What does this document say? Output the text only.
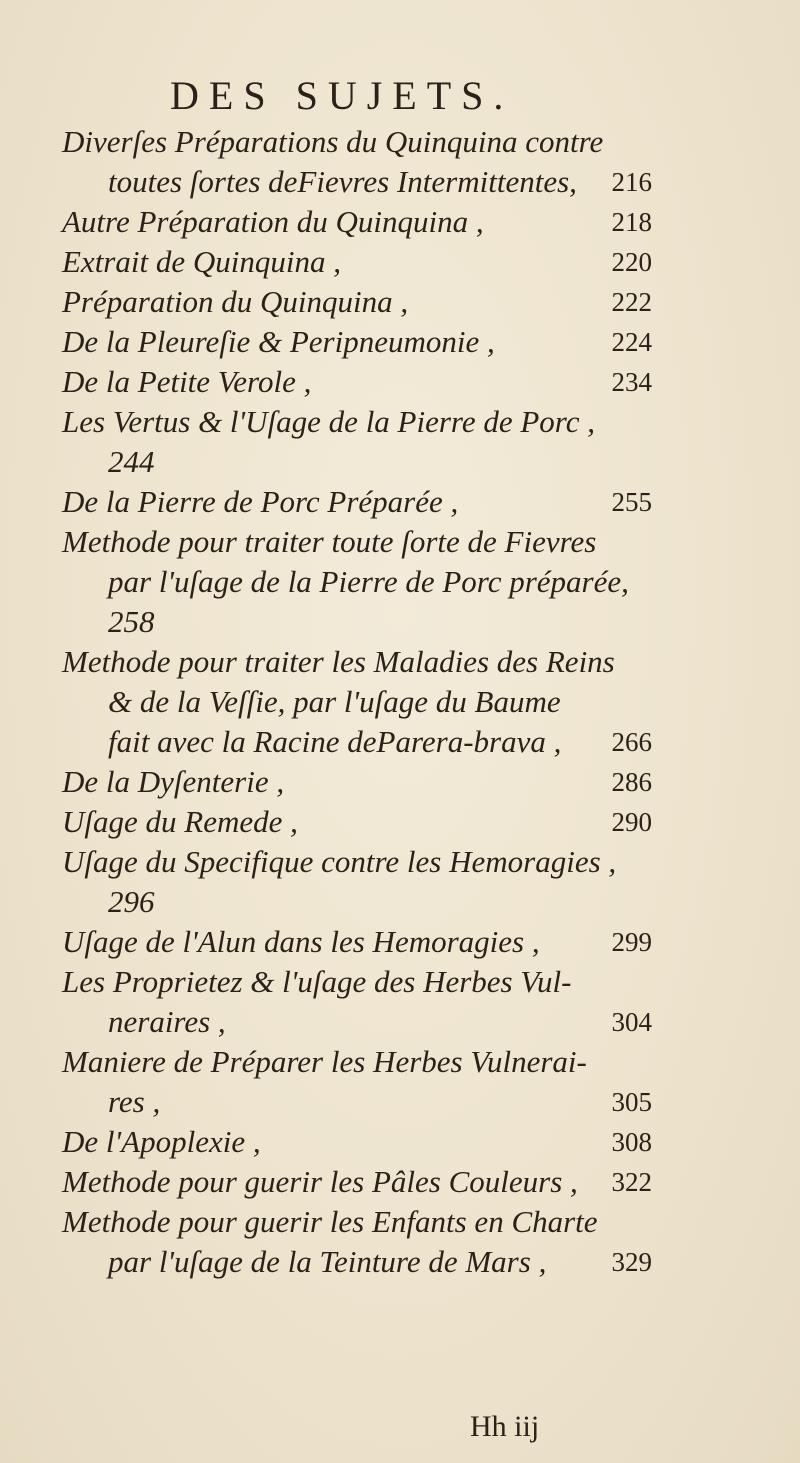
DES SUJETS.
Diverſes Préparations du Quinquina contre
toutes ſortes deFievres Intermittentes, 216
Autre Préparation du Quinquina ,	218
Extrait de Quinquina ,	220
Préparation du Quinquina ,	222
De la Pleureſie & Peripneumonie ,	224
De la Petite Verole ,	234
Les Vertus & l'Uſage de la Pierre de Porc ,
244
De la Pierre de Porc Préparée ,	255
Methode pour traiter toute ſorte de Fievres
par l'uſage de la Pierre de Porc préparée,
258
Methode pour traiter les Maladies des Reins
& de la Veſſie, par l'uſage du Baume
fait avec la Racine deParera-brava , 266
De la Dyſenterie ,	286
Uſage du Remede ,	290
Uſage du Specifique contre les Hemoragies ,
296
Uſage de l'Alun dans les Hemoragies ,	299
Les Proprietez & l'uſage des Herbes Vul-
neraires ,	304
Maniere de Préparer les Herbes Vulnerai-
res ,	305
De l'Apoplexie ,	308
Methode pour guerir les Pâles Couleurs , 322
Methode pour guerir les Enfants en Charte
par l'uſage de la Teinture de Mars , 329
Hh iij
